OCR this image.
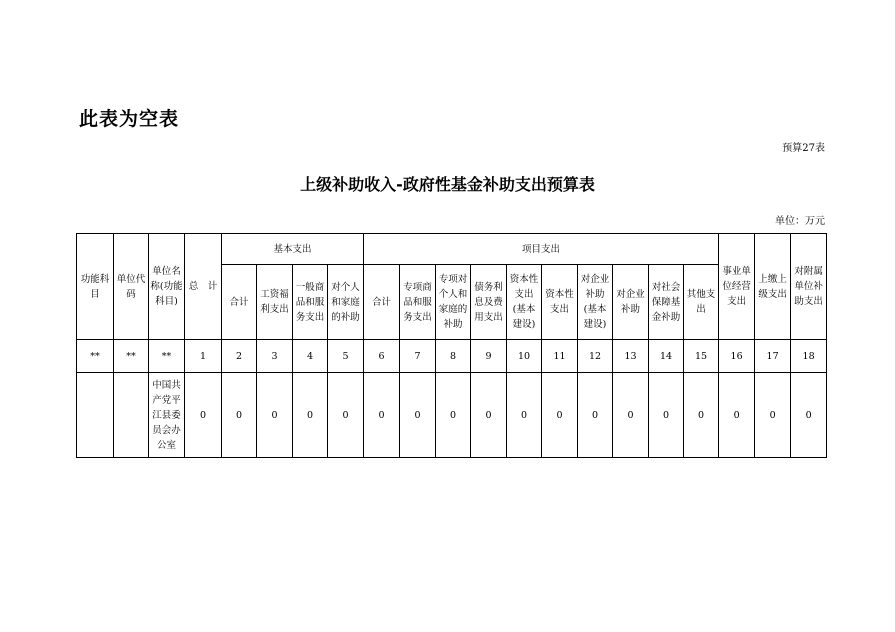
此表为空表
预算27表
上级补助收入-政府性基金补助支出预算表
单位：万元
功能科目	单位代码	单位名称(功能科目)	总　计	基本支出				项目支出										事业单位经营支出	上缴上级支出	对附属单位补助支出
				合计	工资福利支出	一般商品和服务支出	对个人和家庭的补助	合计	专项商品和服务支出	专项对个人和家庭的补助	债务利息及费用支出	资本性支出(基本建设)	资本性支出	对企业补助(基本建设)	对企业补助	对社会保障基金补助	其他支出			
**	**	**	1	2	3	4	5	6	7	8	9	10	11	12	13	14	15	16	17	18
		中国共产党平江县委员会办公室	0	0	0	0	0	0	0	0	0	0	0	0	0	0	0	0	0	0
